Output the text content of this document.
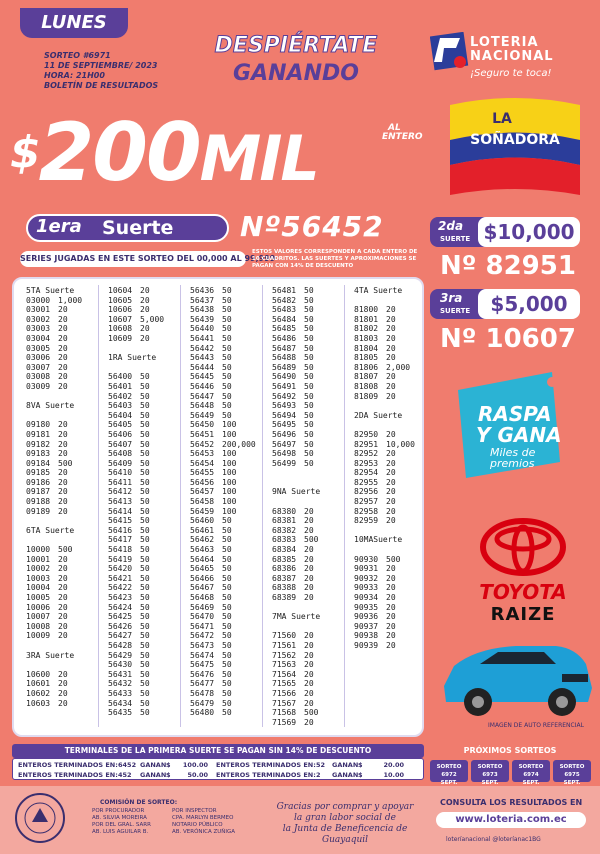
LUNES
SORTEO #6971
11 DE SEPTIEMBRE/ 2023
HORA: 21H00
BOLETÍN DE RESULTADOS
DESPIÉRTATE
GANANDO
LOTERIA
NACIONAL
¡Seguro te toca!
$200MIL	AL
ENTERO
LA
SOÑADORA
1era Suerte Nº56452	2da
SUERTE $10,000
Nº 82951
3ra
SUERTE	$5,000
Nº 10607
SERIES JUGADAS EN ESTE SORTEO DEL 00,000 AL 99,999
ESTOS VALORES CORRESPONDEN A CADA ENTERO DE 10 CUADRITOS. LAS SUERTES Y APROXIMACIONES SE PAGAN CON 14% DE DESCUENTO
5TA Suerte
03000 1,000
03001 20
03002 20
03003 20
03004 20
03005 20
03006 20
03007 20
03008 20
03009 20
8VA Suerte
09180 20
09181 20
09182 20
09183 20
09184 500
09185 20
09186 20
09187 20
09188 20
09189 20
6TA Suerte
10000 500
10001 20
10002 20
10003 20
10004 20
10005 20
10006 20
10007 20
10008 20
10009 20
3RA Suerte
10600 20
10601 20
10602 20
10603 20
10604 20
10605 20
10606 20
10607 5,000
10608 20
10609 20
1RA Suerte
56400 50
56401 50
56402 50
56403 50
56404 50
56405 50
56406 50
56407 50
56408 50
56409 50
56410 50
56411 50
56412 50
56413 50
56414 50
56415 50
56416 50
56417 50
56418 50
56419 50
56420 50
56421 50
56422 50
56423 50
56424 50
56425 50
56426 50
56427 50
56428 50
56429 50
56430 50
56431 50
56432 50
56433 50
56434 50
56435 50
56436 50
56437 50
56438 50
56439 50
56440 50
56441 50
56442 50
56443 50
56444 50
56445 50
56446 50
56447 50
56448 50
56449 50
56450 100
56451 100
56452 200,000
56453 100
56454 100
56455 100
56456 100
56457 100
56458 100
56459 100
56460 50
56461 50
56462 50
56463 50
56464 50
56465 50
56466 50
56467 50
56468 50
56469 50
56470 50
56471 50
56472 50
56473 50
56474 50
56475 50
56476 50
56477 50
56478 50
56479 50
56480 50
56481 50
56482 50
56483 50
56484 50
56485 50
56486 50
56487 50
56488 50
56489 50
56490 50
56491 50
56492 50
56493 50
56494 50
56495 50
56496 50
56497 50
56498 50
56499 50
9NA Suerte
68380 20
68381 20
68382 20
68383 500
68384 20
68385 20
68386 20
68387 20
68388 20
68389 20
7MA Suerte
71560 20
71561 20
71562 20
71563 20
71564 20
71565 20
71566 20
71567 20
71568 500
71569 20
4TA Suerte
81800 20
81801 20
81802 20
81803 20
81804 20
81805 20
81806 2,000
81807 20
81808 20
81809 20
2DA Suerte
82950 20
82951 10,000
82952 20
82953 20
82954 20
82955 20
82956 20
82957 20
82958 20
82959 20
10MASuerte
90930 500
90931 20
90932 20
90933 20
90934 20
90935 20
90936 20
90937 20
90938 20
90939 20
RASPA
Y GANA
Miles de premios
TOYOTA
RAIZE
IMAGEN DE AUTO REFERENCIAL
TERMINALES DE LA PRIMERA SUERTE SE PAGAN SIN 14% DE DESCUENTO
ENTEROS TERMINADOS EN: 6452 GANAN $	100.00	ENTEROS TERMINADOS EN: 52	GANAN $	20.00
ENTEROS TERMINADOS EN: 452	GANAN $	50.00	ENTEROS TERMINADOS EN: 2	GANAN $	10.00
PRÓXIMOS SORTEOS
SORTEO 6972
SEPT.
SORTEO 6973
SEPT.
SORTEO 6974
SEPT.
SORTEO 6975
SEPT.
COMISIÓN DE SORTEO:
POR PROCURADOR
AB. SILVIA MOREIRA
POR DEL GRAL. SARR
AB. LUIS AGUILAR B.
POR INSPECTOR
CPA. MARLYN BERMEO
NOTARIO PÚBLICO
AB. VERÓNICA ZUÑIGA
Gracias por comprar y apoyar
la gran labor social de
la Junta de Beneficencia de Guayaquil
CONSULTA LOS RESULTADOS EN
www.loteria.com.ec
loteríanacional @loteríanac1BG
